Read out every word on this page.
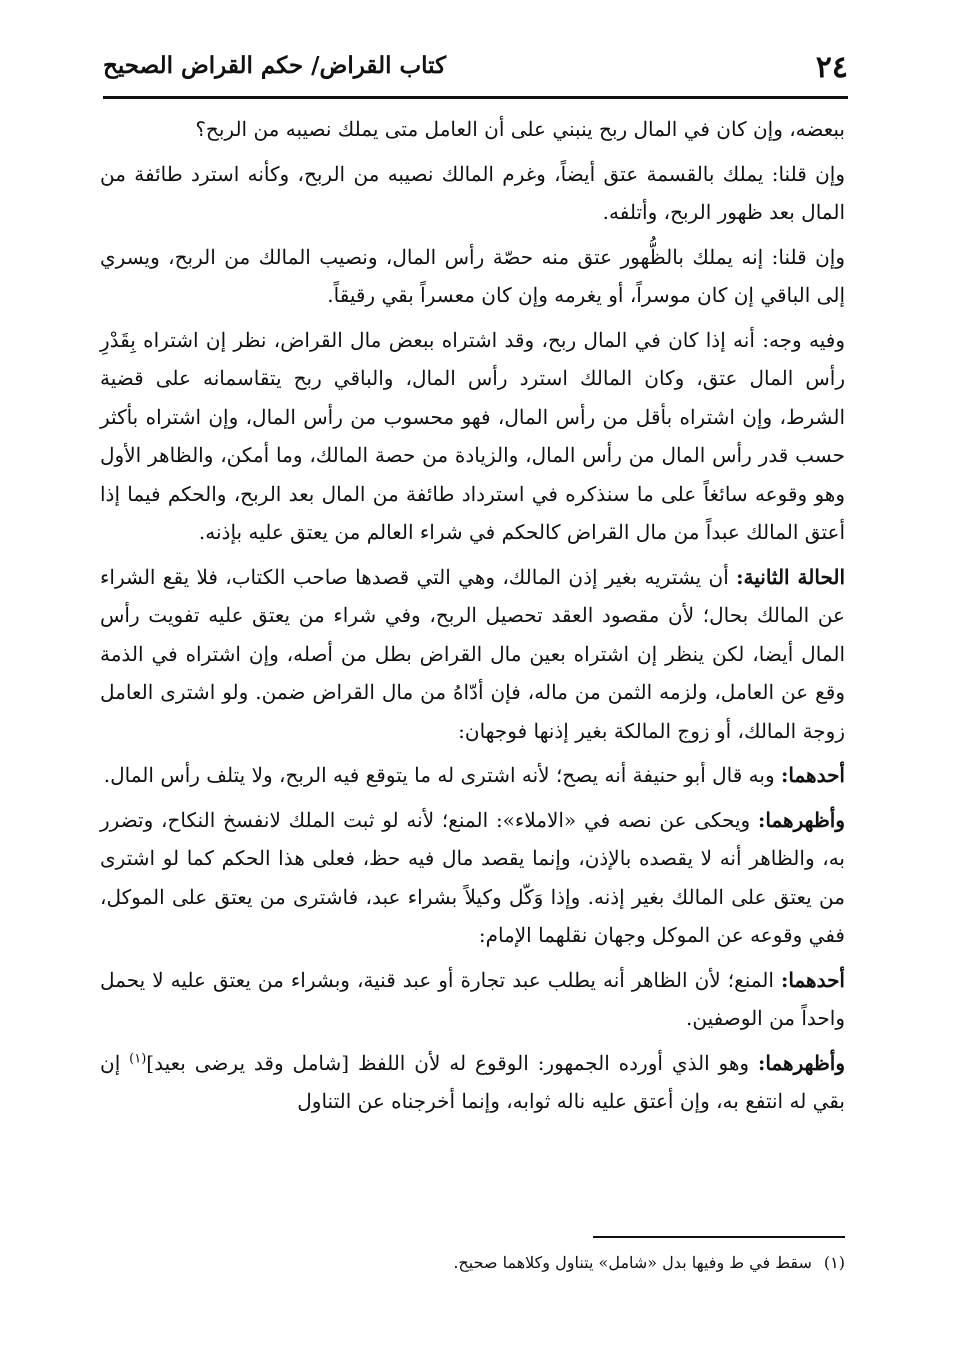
٢٤
كتاب القراض/ حكم القراض الصحيح

ببعضه، وإن كان في المال ربح ينبني على أن العامل متى يملك نصيبه من الربح؟

وإن قلنا: يملك بالقسمة عتق أيضاً، وغرم المالك نصيبه من الربح، وكأنه استرد طائفة من المال بعد ظهور الربح، وأتلفه.

وإن قلنا: إنه يملك بالظُّهور عتق منه حصّة رأس المال، ونصيب المالك من الربح، ويسري إلى الباقي إن كان موسراً، أو يغرمه وإن كان معسراً بقي رقيقاً.

وفيه وجه: أنه إذا كان في المال ربح، وقد اشتراه ببعض مال القراض، نظر إن اشتراه بِقَدْرِ رأس المال عتق، وكان المالك استرد رأس المال، والباقي ربح يتقاسمانه على قضية الشرط، وإن اشتراه بأقل من رأس المال، فهو محسوب من رأس المال، وإن اشتراه بأكثر حسب قدر رأس المال من رأس المال، والزيادة من حصة المالك، وما أمكن، والظاهر الأول وهو وقوعه سائغاً على ما سنذكره في استرداد طائفة من المال بعد الربح، والحكم فيما إذا أعتق المالك عبداً من مال القراض كالحكم في شراء العالم من يعتق عليه بإذنه.

الحالة الثانية: أن يشتريه بغير إذن المالك، وهي التي قصدها صاحب الكتاب، فلا يقع الشراء عن المالك بحال؛ لأن مقصود العقد تحصيل الربح، وفي شراء من يعتق عليه تفويت رأس المال أيضا، لكن ينظر إن اشتراه بعين مال القراض بطل من أصله، وإن اشتراه في الذمة وقع عن العامل، ولزمه الثمن من ماله، فإن أدّاهُ من مال القراض ضمن. ولو اشترى العامل زوجة المالك، أو زوج المالكة بغير إذنها فوجهان:

أحدهما: وبه قال أبو حنيفة أنه يصح؛ لأنه اشترى له ما يتوقع فيه الربح، ولا يتلف رأس المال.

وأظهرهما: ويحكى عن نصه في «الاملاء»: المنع؛ لأنه لو ثبت الملك لانفسخ النكاح، وتضرر به، والظاهر أنه لا يقصده بالإذن، وإنما يقصد مال فيه حظ، فعلى هذا الحكم كما لو اشترى من يعتق على المالك بغير إذنه. وإذا وَكّل وكيلاً بشراء عبد، فاشترى من يعتق على الموكل، ففي وقوعه عن الموكل وجهان نقلهما الإمام:

أحدهما: المنع؛ لأن الظاهر أنه يطلب عبد تجارة أو عبد قنية، وبشراء من يعتق عليه لا يحمل واحداً من الوصفين.

وأظهرهما: وهو الذي أورده الجمهور: الوقوع له لأن اللفظ [شامل وقد يرضى بعيد]$^{(١)}$ إن بقي له انتفع به، وإن أعتق عليه ناله ثوابه، وإنما أخرجناه عن التناول

(١)سقط في ط وفيها بدل «شامل» يتناول وكلاهما صحيح.
